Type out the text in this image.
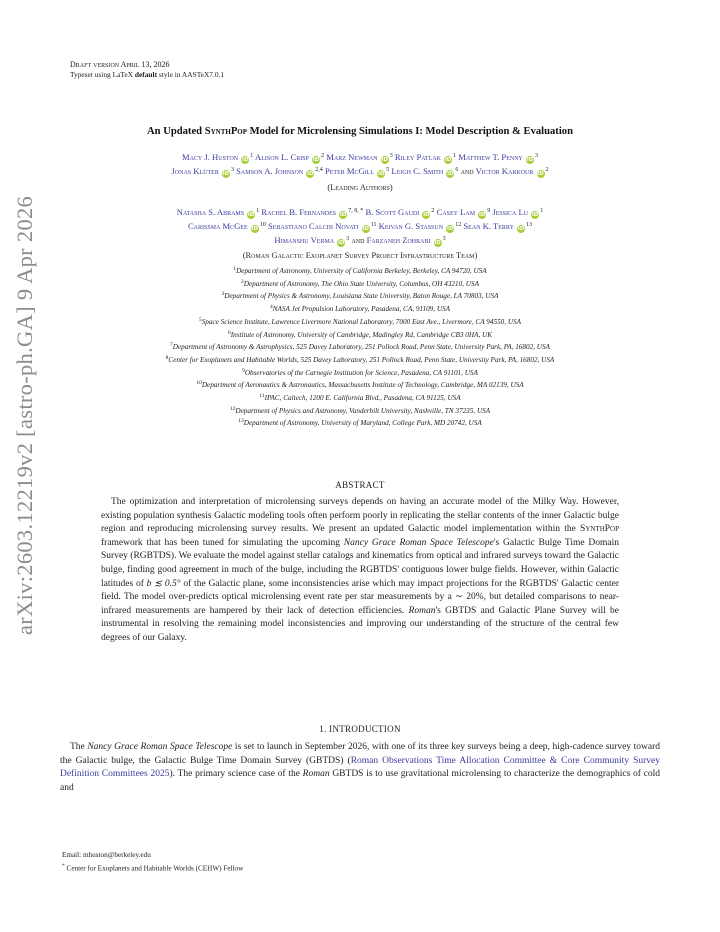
arXiv:2603.12219v2 [astro-ph.GA] 9 Apr 2026
Draft version April 13, 2026
Typeset using LaTeX default style in AASTeX7.0.1
An Updated SynthPop Model for Microlensing Simulations I: Model Description & Evaluation
Macy J. Huston $iD^1$ Alison L. Crisp $iD^2$ Marz Newman $iD^3$ Riley Patlak $iD^1$ Matthew T. Penny $iD^3$
Jonas Klüter $iD^3$ Samson A. Johnson iD$^{2,4}$ Peter McGill $iD^5$ Leigh C. Smith $iD^6$ and Victor Karkour $iD^2$
(Leading Authors)
Natasha S. Abrams $iD^1$ Rachel B. Fernandes $iD^{7, 8, *}$ B. Scott Gaudi $iD^2$ Casey Lam $iD^9$ Jessica Lu $iD^1$
Carissma McGee $iD^{10}$ Sebastiano Calchi Novati $iD^{11}$ Keivan G. Stassun $iD^{12}$ Sean K. Terry $iD^{13}$
Himanshu Verma $iD^3$ and Farzaneh Zohrabi $iD^3$
(Roman Galactic Exoplanet Survey Project Infrastructure Team)
$^1$Department of Astronomy, University of California Berkeley, Berkeley, CA 94720, USA
$^2$Department of Astronomy, The Ohio State University, Columbus, OH 43210, USA
$^3$Department of Physics & Astronomy, Louisiana State University, Baton Rouge, LA 70803, USA
$^4$NASA Jet Propulsion Laboratory, Pasadena, CA, 91109, USA
$^5$Space Science Institute, Lawrence Livermore National Laboratory, 7000 East Ave., Livermore, CA 94550, USA
$^6$Institute of Astronomy, University of Cambridge, Madingley Rd, Cambridge CB3 0HA, UK
$^7$Department of Astronomy & Astrophysics, 525 Davey Laboratory, 251 Pollock Road, Penn State, University Park, PA, 16802, USA
$^8$Center for Exoplanets and Habitable Worlds, 525 Davey Laboratory, 251 Pollock Road, Penn State, University Park, PA, 16802, USA
$^9$Observatories of the Carnegie Institution for Science, Pasadena, CA 91101, USA
$^{10}$Department of Aeronautics & Astronautics, Massachusetts Institute of Technology, Cambridge, MA 02139, USA
$^{11}$IPAC, Caltech, 1200 E. California Blvd., Pasadena, CA 91125, USA
$^{12}$Department of Physics and Astronomy, Vanderbilt University, Nashville, TN 37235, USA
$^{13}$Department of Astronomy, University of Maryland, College Park, MD 20742, USA
ABSTRACT
The optimization and interpretation of microlensing surveys depends on having an accurate model of the Milky Way. However, existing population synthesis Galactic modeling tools often perform poorly in replicating the stellar contents of the inner Galactic bulge region and reproducing microlensing survey results. We present an updated Galactic model implementation within the SynthPop framework that has been tuned for simulating the upcoming Nancy Grace Roman Space Telescope's Galactic Bulge Time Domain Survey (RGBTDS). We evaluate the model against stellar catalogs and kinematics from optical and infrared surveys toward the Galactic bulge, finding good agreement in much of the bulge, including the RGBTDS' contiguous lower bulge fields. However, within Galactic latitudes of b ≲ 0.5° of the Galactic plane, some inconsistencies arise which may impact projections for the RGBTDS' Galactic center field. The model over-predicts optical microlensing event rate per star measurements by a ∼ 20%, but detailed comparisons to near-infrared measurements are hampered by their lack of detection efficiencies. Roman's GBTDS and Galactic Plane Survey will be instrumental in resolving the remaining model inconsistencies and improving our understanding of the structure of the central few degrees of our Galaxy.
1. INTRODUCTION
The Nancy Grace Roman Space Telescope is set to launch in September 2026, with one of its three key surveys being a deep, high-cadence survey toward the Galactic bulge, the Galactic Bulge Time Domain Survey (GBTDS) (Roman Observations Time Allocation Committee & Core Community Survey Definition Committees 2025). The primary science case of the Roman GBTDS is to use gravitational microlensing to characterize the demographics of cold and
Email: mhuston@berkeley.edu
* Center for Exoplanets and Habitable Worlds (CEHW) Fellow
